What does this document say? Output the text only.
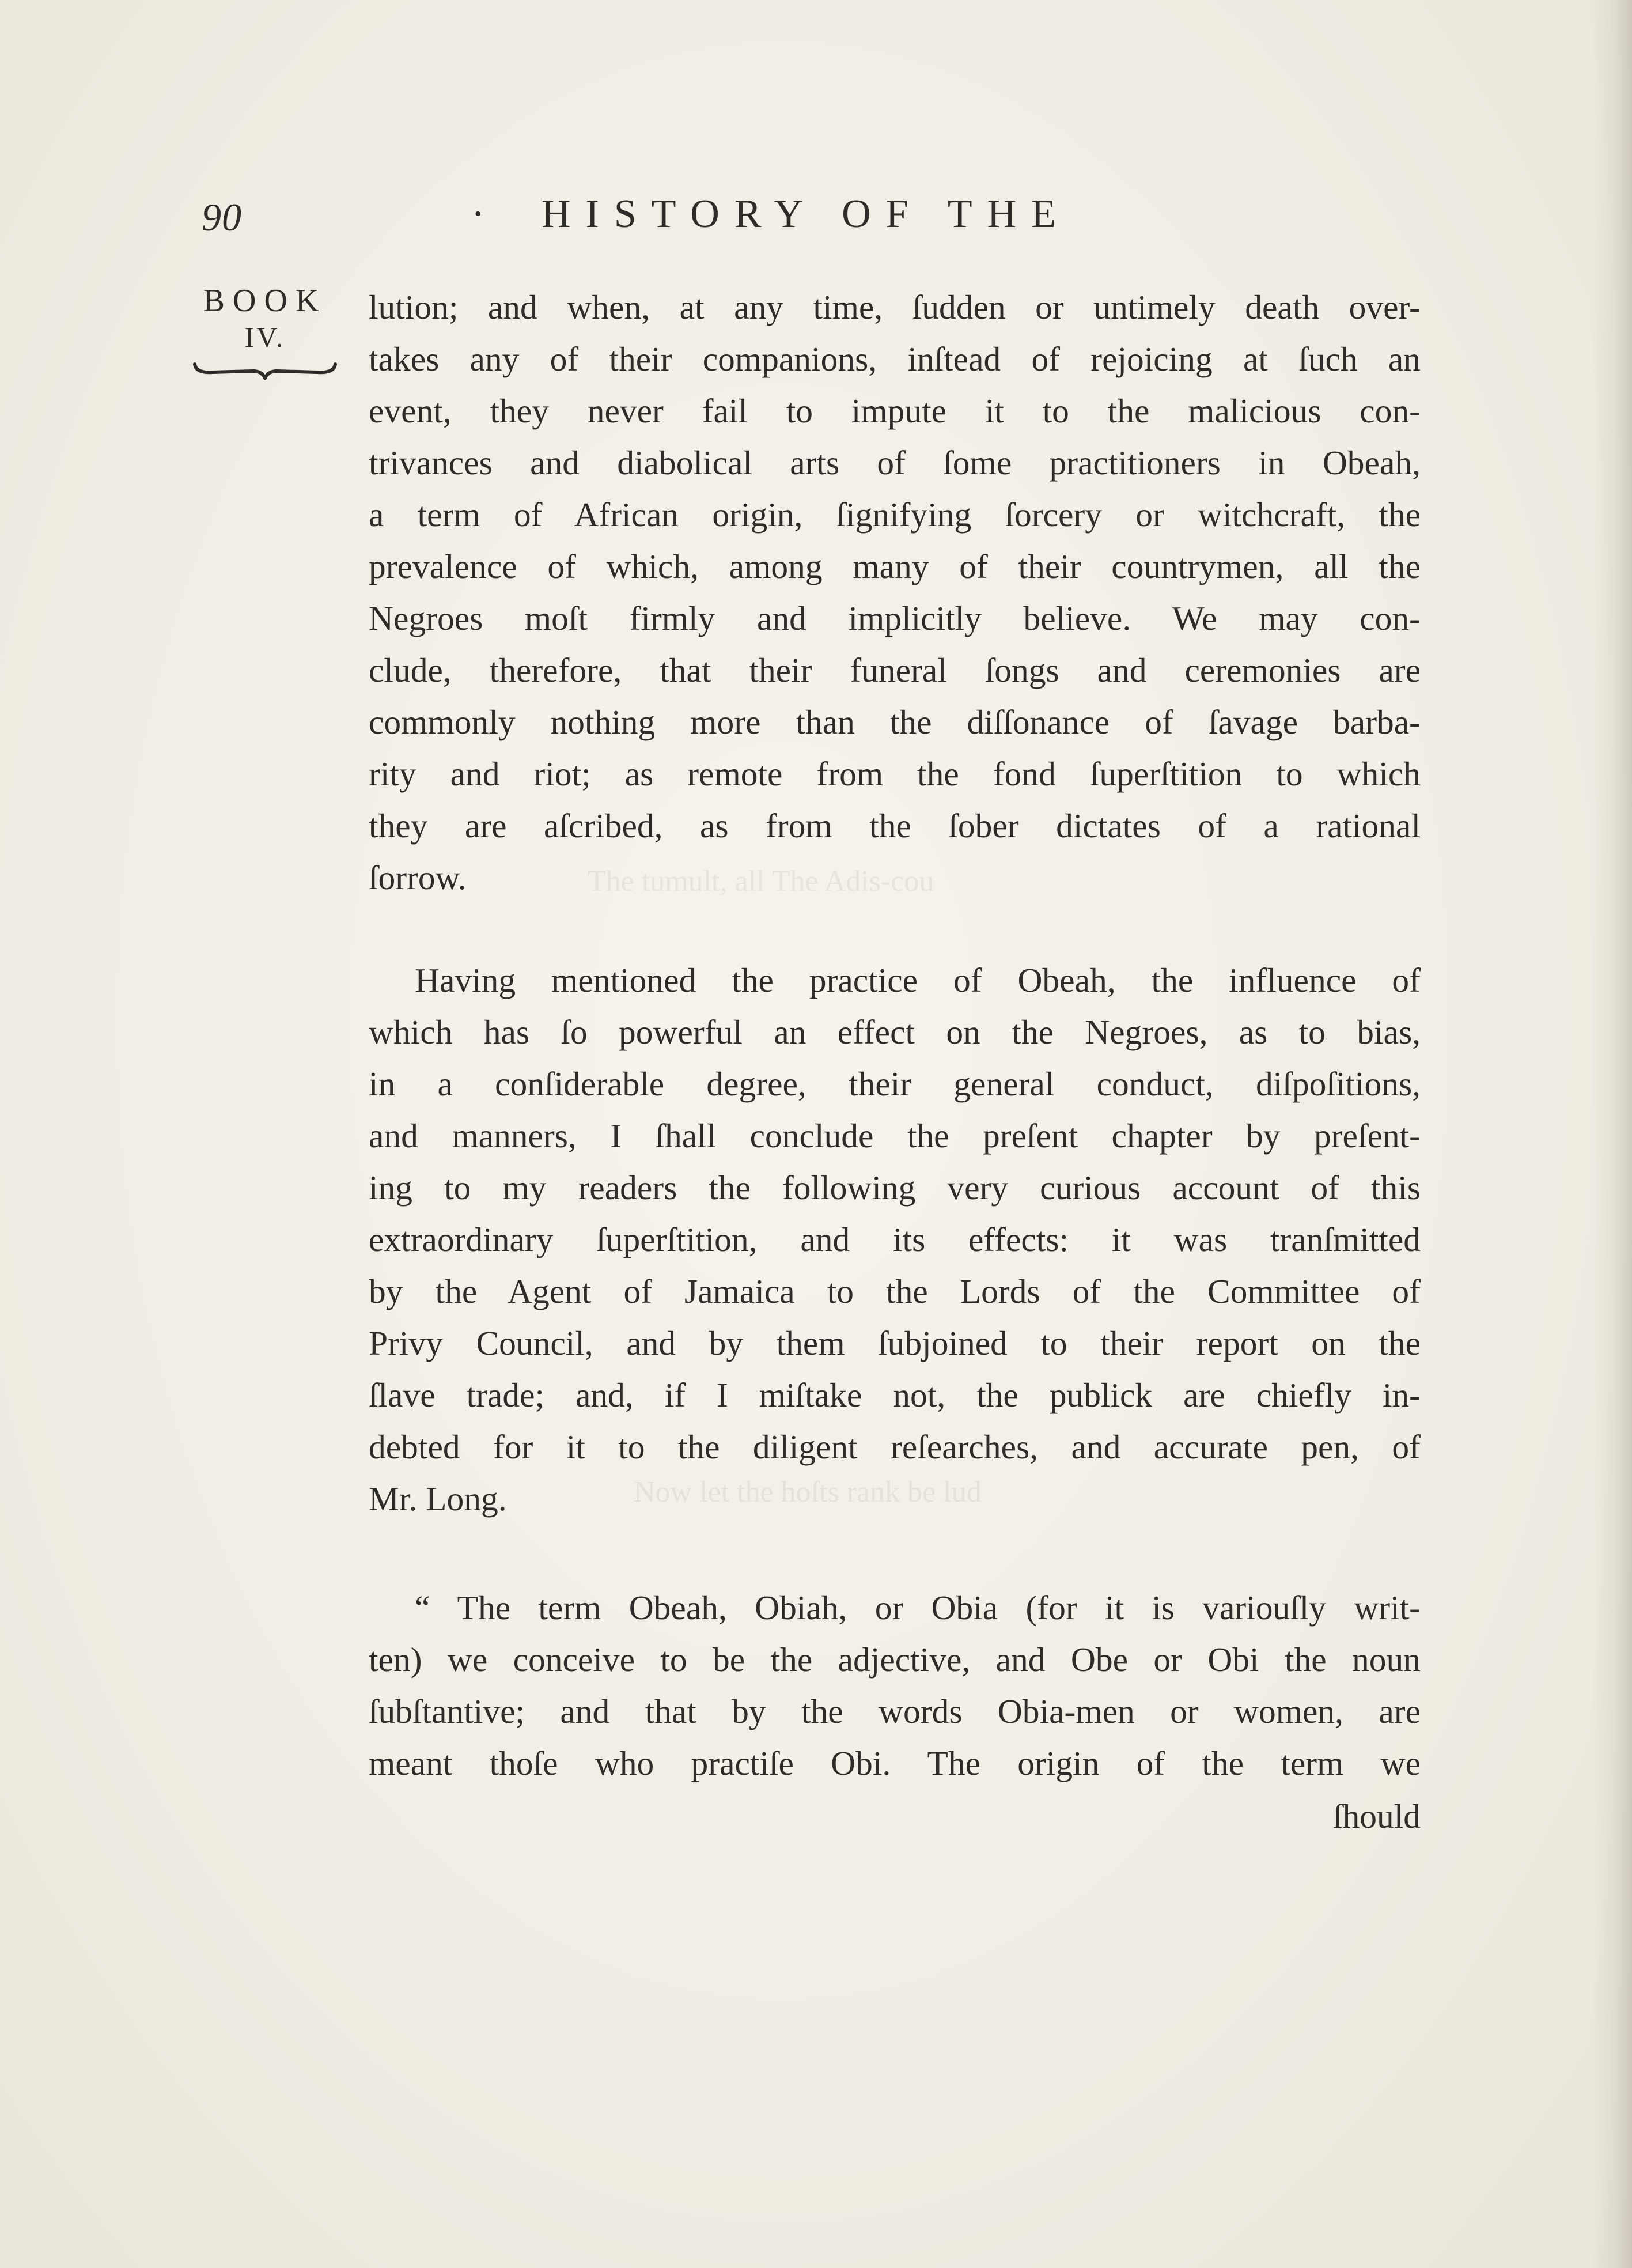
The tumult, all The Adis-cou
Now let the hoſts rank be lud
90	· HISTORY OF THE
BOOK
IV.

lution; and when, at any time, ſudden or untimely death over-

takes any of their companions, inſtead of rejoicing at ſuch an

event, they never fail to impute it to the malicious con-

trivances and diabolical arts of ſome practitioners in Obeah,

a term of African origin, ſignifying ſorcery or witchcraft, the

prevalence of which, among many of their countrymen, all the

Negroes moſt firmly and implicitly believe. We may con-

clude, therefore, that their funeral ſongs and ceremonies are

commonly nothing more than the diſſonance of ſavage barba-

rity and riot; as remote from the fond ſuperſtition to which

they are aſcribed, as from the ſober dictates of a rational

ſorrow.

Having mentioned the practice of Obeah, the influence of

which has ſo powerful an effect on the Negroes, as to bias,

in a conſiderable degree, their general conduct, diſpoſitions,

and manners, I ſhall conclude the preſent chapter by preſent-

ing to my readers the following very curious account of this

extraordinary ſuperſtition, and its effects: it was tranſmitted

by the Agent of Jamaica to the Lords of the Committee of

Privy Council, and by them ſubjoined to their report on the

ſlave trade; and, if I miſtake not, the publick are chiefly in-

debted for it to the diligent reſearches, and accurate pen, of

Mr. Long.

“ The term Obeah, Obiah, or Obia (for it is variouſly writ-

ten) we conceive to be the adjective, and Obe or Obi the noun

ſubſtantive; and that by the words Obia-men or women, are

meant thoſe who practiſe Obi. The origin of the term we

ſhould
